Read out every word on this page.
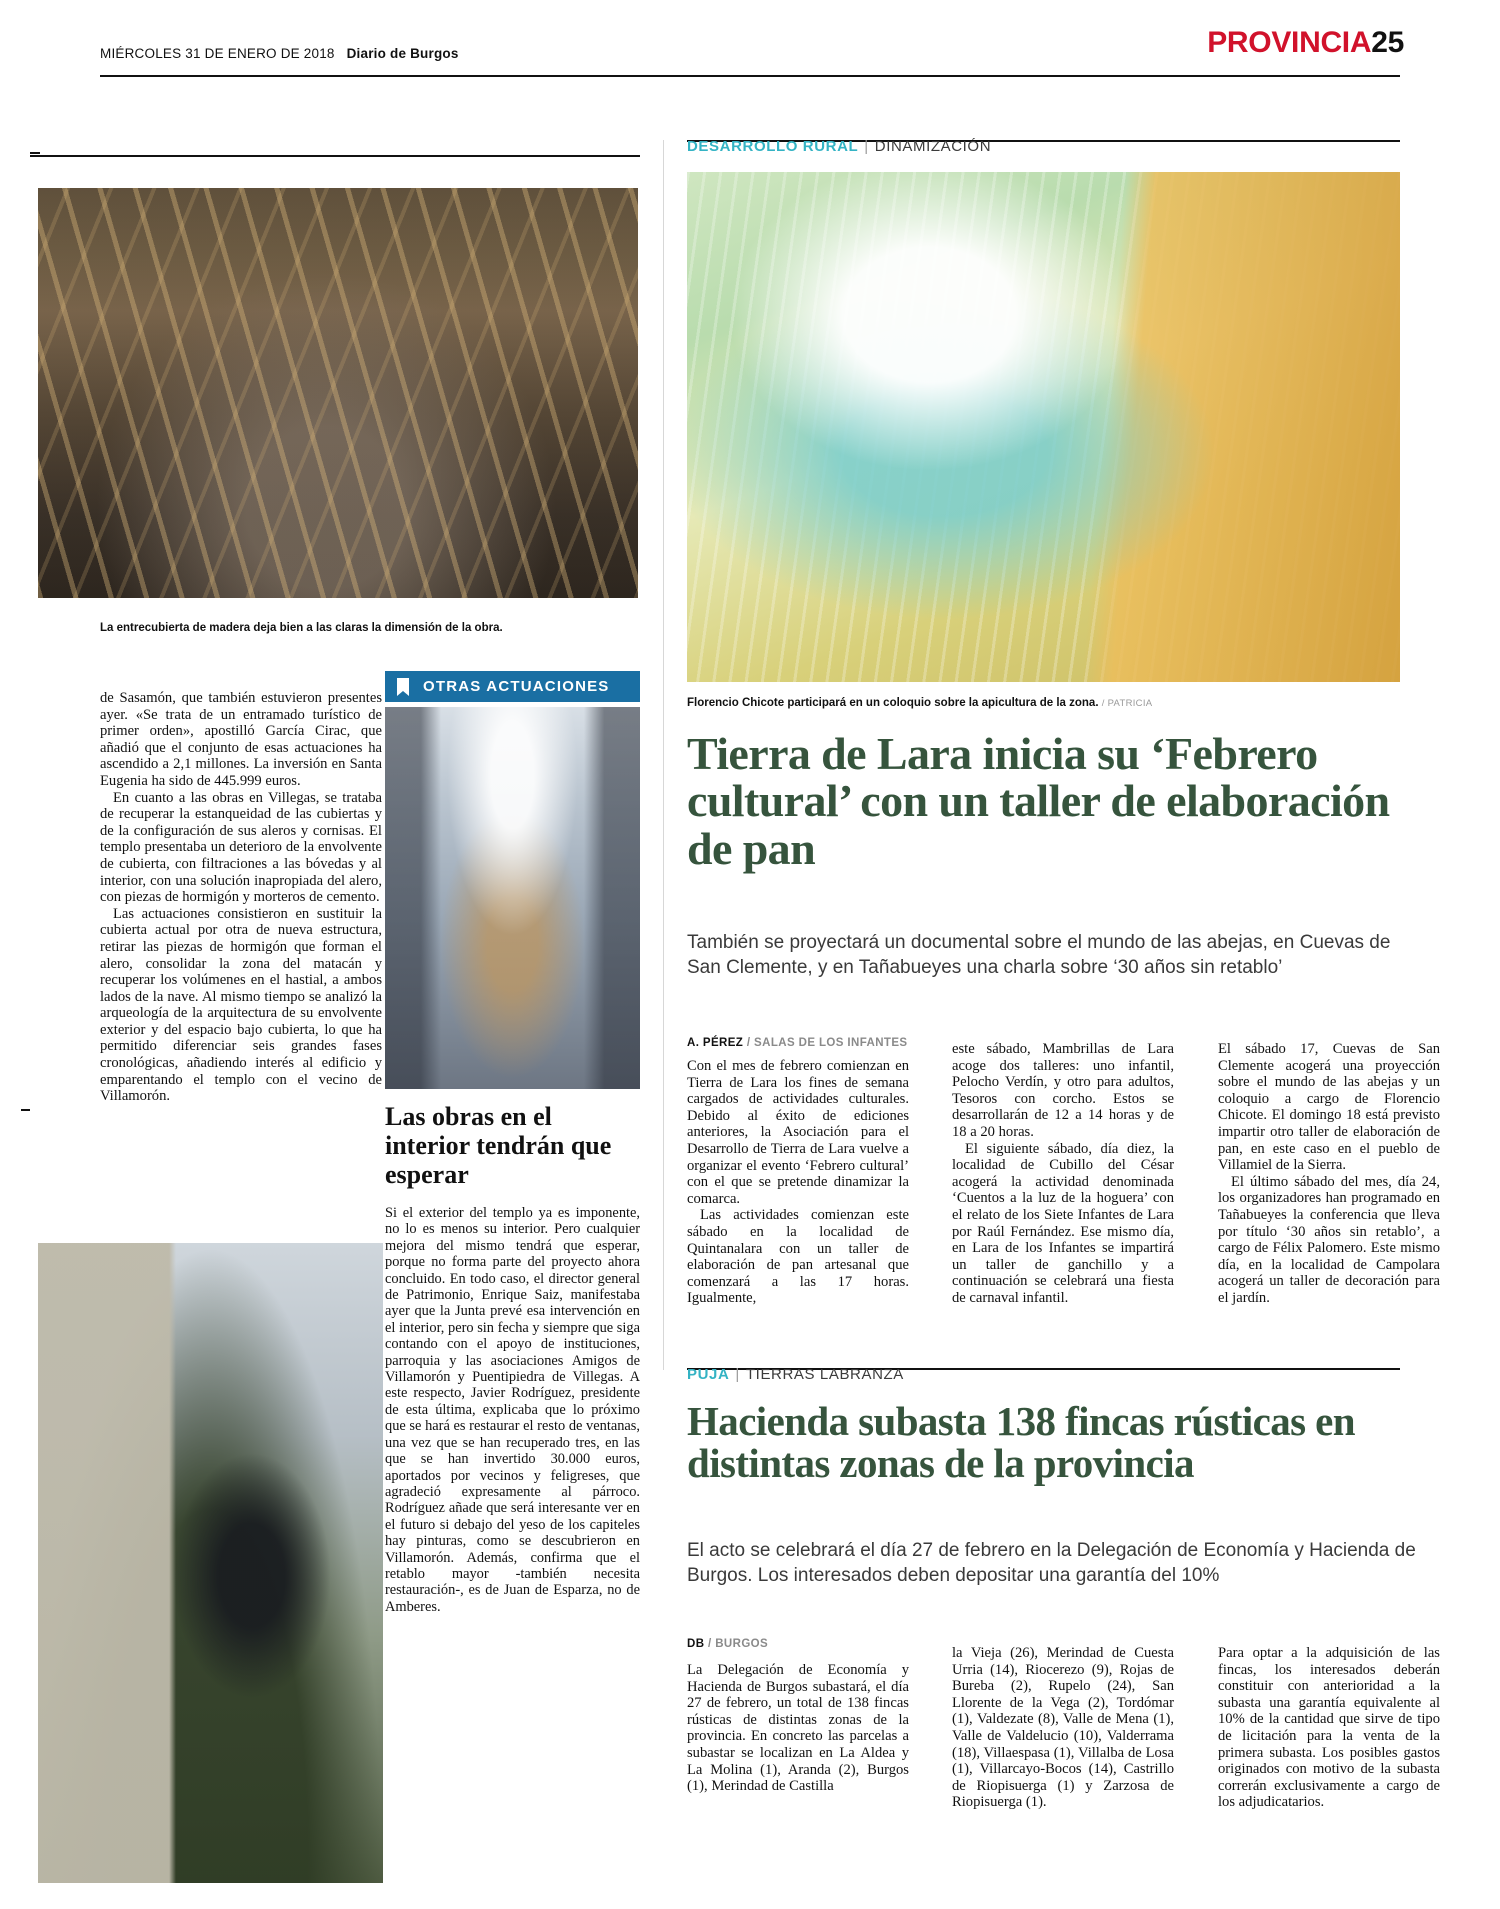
MIÉRCOLES 31 DE ENERO DE 2018 Diario de Burgos	PROVINCIA25
La entrecubierta de madera deja bien a las claras la dimensión de la obra.

de Sasamón, que también estuvieron presentes ayer. «Se trata de un entramado turístico de primer orden», apostilló García Cirac, que añadió que el conjunto de esas actuaciones ha ascendido a 2,1 millones. La inversión en Santa Eugenia ha sido de 445.999 euros.

En cuanto a las obras en Villegas, se trataba de recuperar la estanqueidad de las cubiertas y de la configuración de sus aleros y cornisas. El templo presentaba un deterioro de la envolvente de cubierta, con filtraciones a las bóvedas y al interior, con una solución inapropiada del alero, con piezas de hormigón y morteros de cemento.

Las actuaciones consistieron en sustituir la cubierta actual por otra de nueva estructura, retirar las piezas de hormigón que forman el alero, consolidar la zona del matacán y recuperar los volúmenes en el hastial, a ambos lados de la nave. Al mismo tiempo se analizó la arqueología de la arquitectura de su envolvente exterior y del espacio bajo cubierta, lo que ha permitido diferenciar seis grandes fases cronológicas, añadiendo interés al edificio y emparentando el templo con el vecino de Villamorón.

OTRAS ACTUACIONES
Las obras en el interior tendrán que esperar

Si el exterior del templo ya es imponente, no lo es menos su interior. Pero cualquier mejora del mismo tendrá que esperar, porque no forma parte del proyecto ahora concluido. En todo caso, el director general de Patrimonio, Enrique Saiz, manifestaba ayer que la Junta prevé esa intervención en el interior, pero sin fecha y siempre que siga contando con el apoyo de instituciones, parroquia y las asociaciones Amigos de Villamorón y Puentipiedra de Villegas. A este respecto, Javier Rodríguez, presidente de esta última, explicaba que lo próximo que se hará es restaurar el resto de ventanas, una vez que se han recuperado tres, en las que se han invertido 30.000 euros, aportados por vecinos y feligreses, que agradeció expresamente al párroco. Rodríguez añade que será interesante ver en el futuro si debajo del yeso de los capiteles hay pinturas, como se descubrieron en Villamorón. Además, confirma que el retablo mayor -también necesita restauración-, es de Juan de Esparza, no de Amberes.

DESARROLLO RURAL | DINAMIZACIÓN
Florencio Chicote participará en un coloquio sobre la apicultura de la zona. / PATRICIA
Tierra de Lara inicia su ‘Febrero cultural’ con un taller de elaboración de pan
También se proyectará un documental sobre el mundo de las abejas, en Cuevas de San Clemente, y en Tañabueyes una charla sobre ‘30 años sin retablo’
A. PÉREZ / SALAS DE LOS INFANTES

Con el mes de febrero comienzan en Tierra de Lara los fines de semana cargados de actividades culturales. Debido al éxito de ediciones anteriores, la Asociación para el Desarrollo de Tierra de Lara vuelve a organizar el evento ‘Febrero cultural’ con el que se pretende dinamizar la comarca.

Las actividades comienzan este sábado en la localidad de Quintanalara con un taller de elaboración de pan artesanal que comenzará a las 17 horas. Igualmente,

este sábado, Mambrillas de Lara acoge dos talleres: uno infantil, Pelocho Verdín, y otro para adultos, Tesoros con corcho. Estos se desarrollarán de 12 a 14 horas y de 18 a 20 horas.

El siguiente sábado, día diez, la localidad de Cubillo del César acogerá la actividad denominada ‘Cuentos a la luz de la hoguera’ con el relato de los Siete Infantes de Lara por Raúl Fernández. Ese mismo día, en Lara de los Infantes se impartirá un taller de ganchillo y a continuación se celebrará una fiesta de carnaval infantil.

El sábado 17, Cuevas de San Clemente acogerá una proyección sobre el mundo de las abejas y un coloquio a cargo de Florencio Chicote. El domingo 18 está previsto impartir otro taller de elaboración de pan, en este caso en el pueblo de Villamiel de la Sierra.

El último sábado del mes, día 24, los organizadores han programado en Tañabueyes la conferencia que lleva por título ‘30 años sin retablo’, a cargo de Félix Palomero. Este mismo día, en la localidad de Campolara acogerá un taller de decoración para el jardín.

PUJA | TIERRAS LABRANZA
Hacienda subasta 138 fincas rústicas en distintas zonas de la provincia
El acto se celebrará el día 27 de febrero en la Delegación de Economía y Hacienda de Burgos. Los interesados deben depositar una garantía del 10%
DB / BURGOS

La Delegación de Economía y Hacienda de Burgos subastará, el día 27 de febrero, un total de 138 fincas rústicas de distintas zonas de la provincia. En concreto las parcelas a subastar se localizan en La Aldea y La Molina (1), Aranda (2), Burgos (1), Merindad de Castilla

la Vieja (26), Merindad de Cuesta Urria (14), Riocerezo (9), Rojas de Bureba (2), Rupelo (24), San Llorente de la Vega (2), Tordómar (1), Valdezate (8), Valle de Mena (1), Valle de Valdelucio (10), Valderrama (18), Villaespasa (1), Villalba de Losa (1), Villarcayo-Bocos (14), Castrillo de Riopisuerga (1) y Zarzosa de Riopisuerga (1).

Para optar a la adquisición de las fincas, los interesados deberán constituir con anterioridad a la subasta una garantía equivalente al 10% de la cantidad que sirve de tipo de licitación para la venta de la primera subasta. Los posibles gastos originados con motivo de la subasta correrán exclusivamente a cargo de los adjudicatarios.
